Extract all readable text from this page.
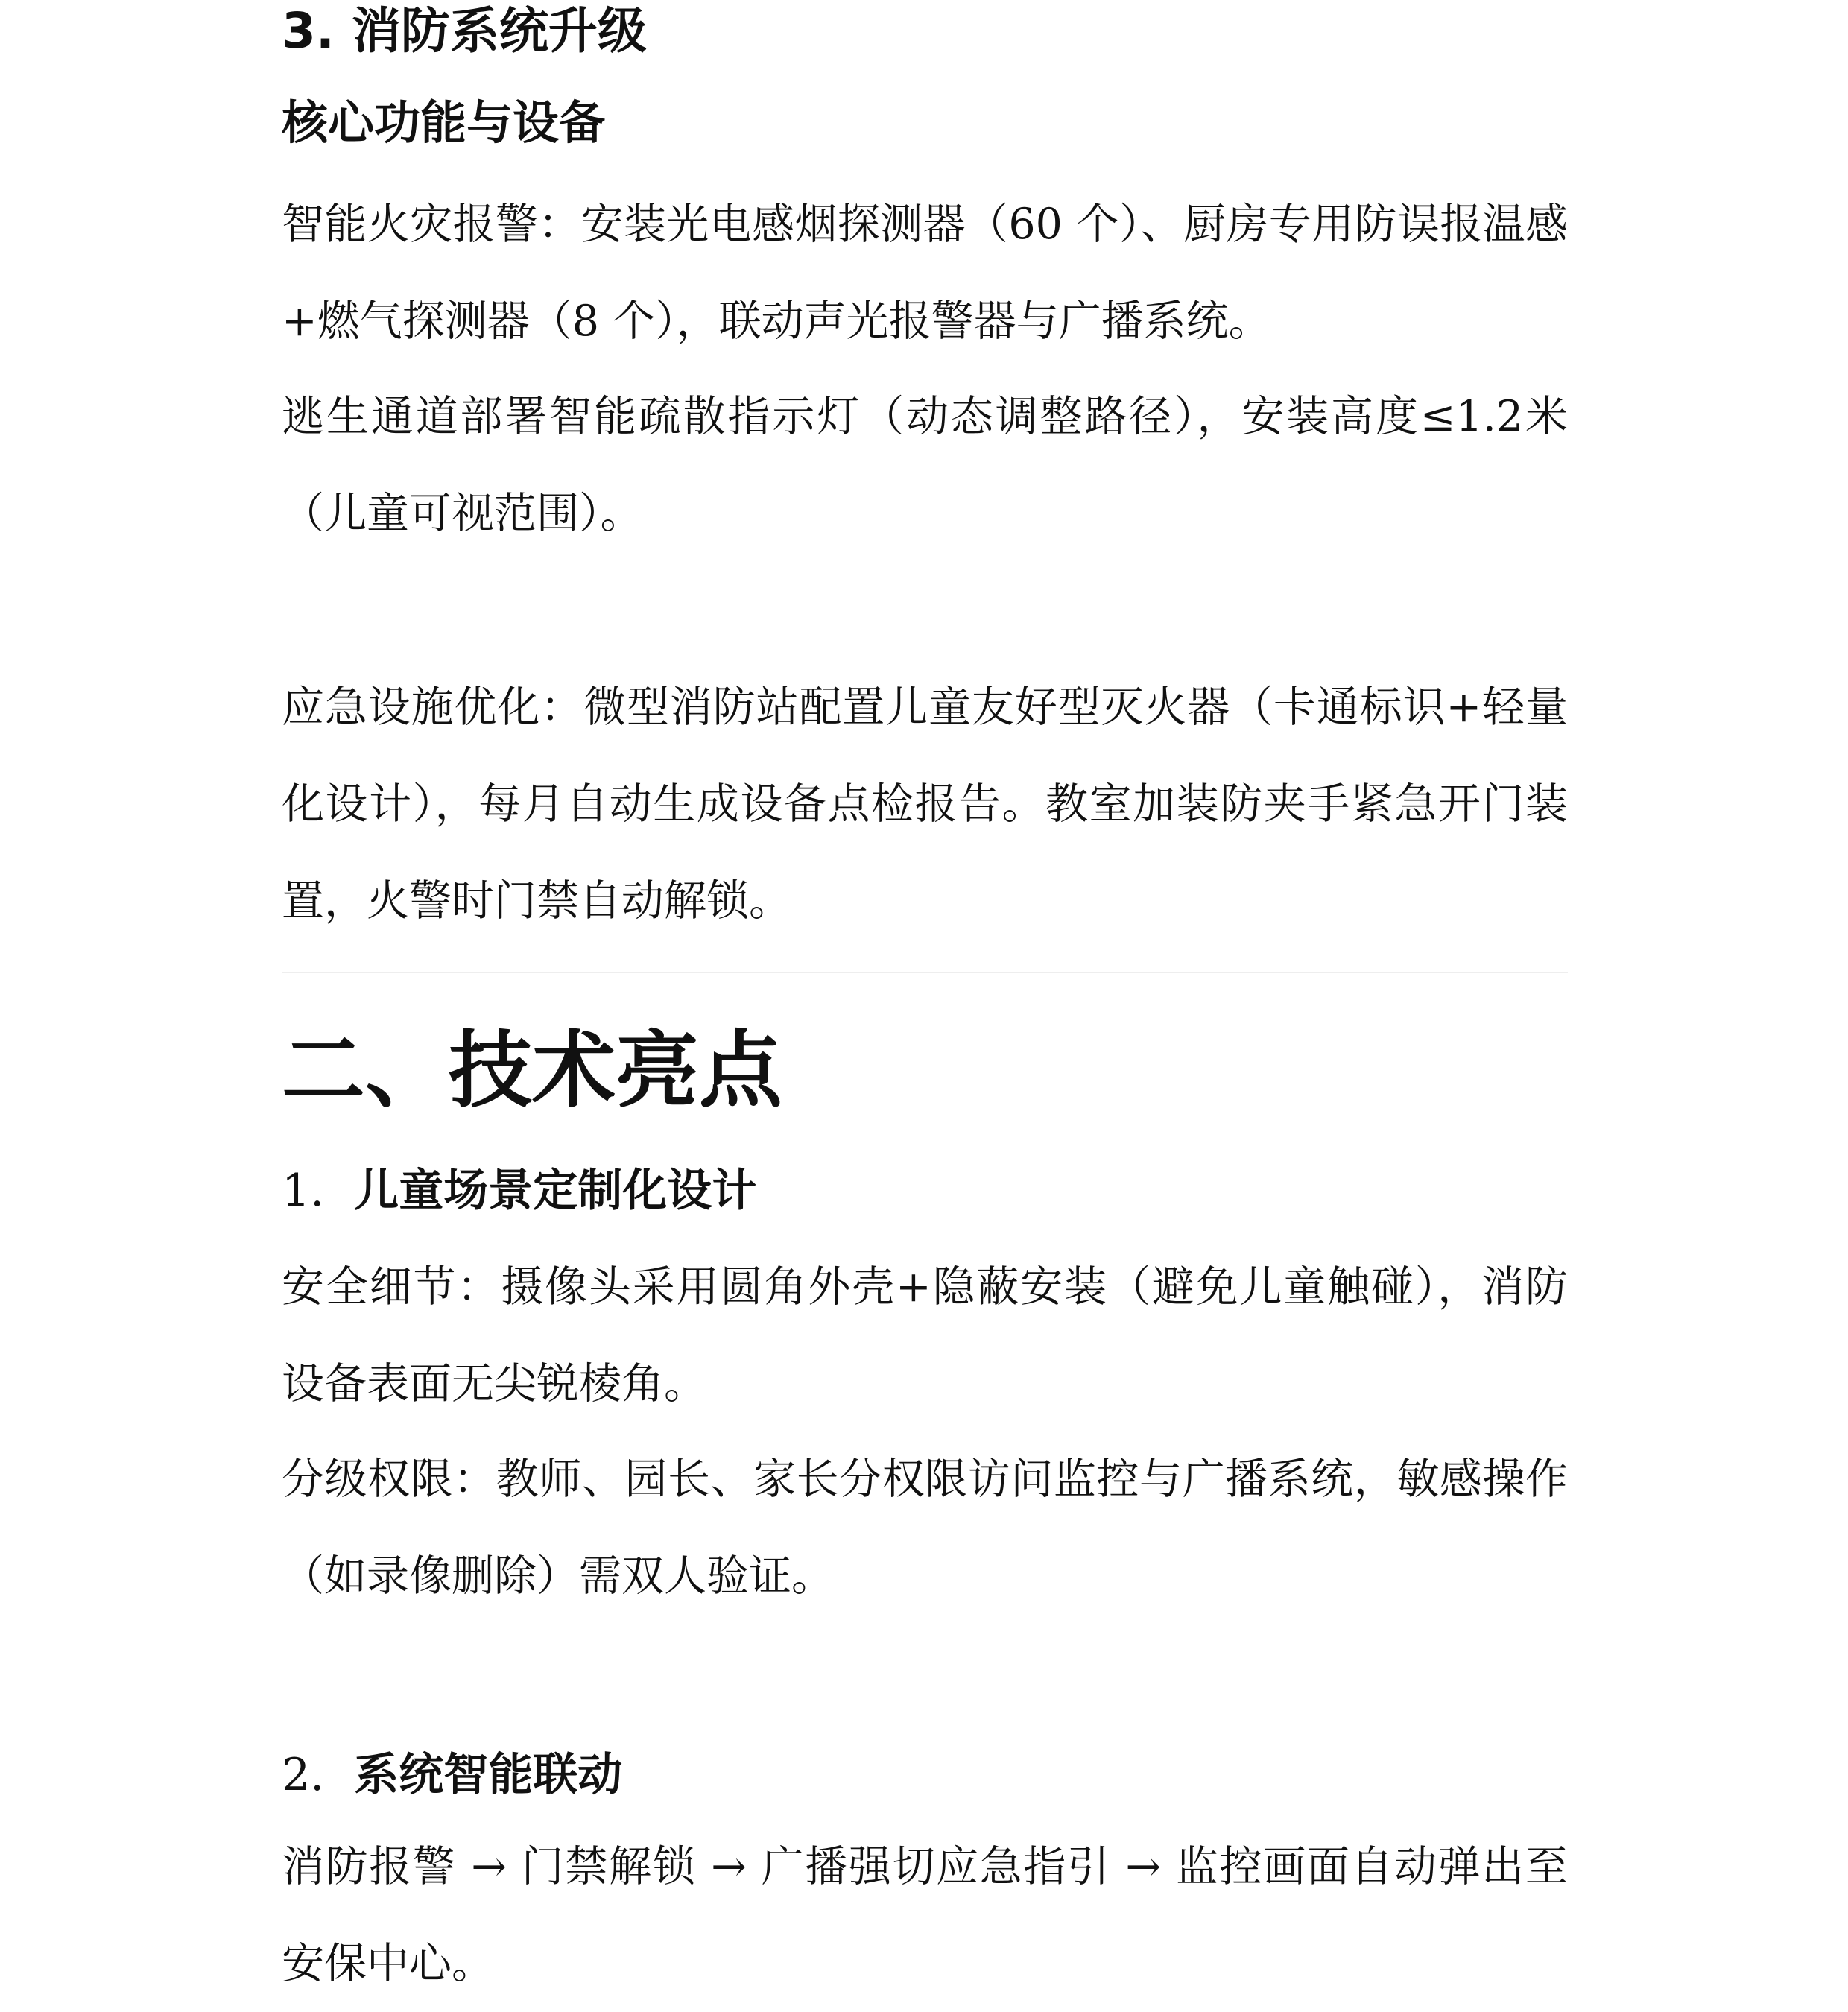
3. 消防系统升级
核心功能与设备
智能火灾报警：安装光电感烟探测器（60 个）、厨房专用防误报温感+燃气探测器（8 个），联动声光报警器与广播系统。
逃生通道部署智能疏散指示灯（动态调整路径），安装高度≤1.2米（儿童可视范围）。
应急设施优化：微型消防站配置儿童友好型灭火器（卡通标识+轻量化设计），每月自动生成设备点检报告。教室加装防夹手紧急开门装置，火警时门禁自动解锁。
二、技术亮点
1. 儿童场景定制化设计
安全细节：摄像头采用圆角外壳+隐蔽安装（避免儿童触碰），消防设备表面无尖锐棱角。
分级权限：教师、园长、家长分权限访问监控与广播系统，敏感操作（如录像删除）需双人验证。
2. 系统智能联动
消防报警 → 门禁解锁 → 广播强切应急指引 → 监控画面自动弹出至安保中心。
